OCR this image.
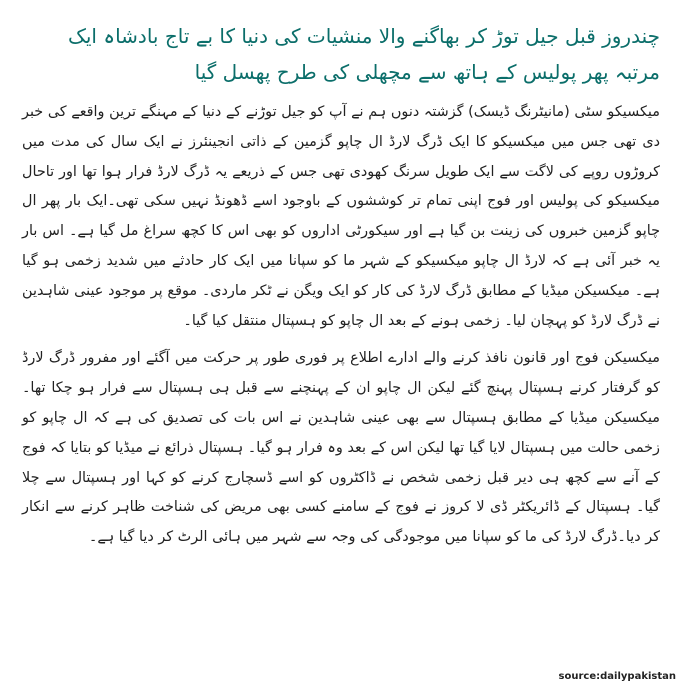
چندروز قبل جیل توڑ کر بھاگنے والا منشیات کی دنیا کا بے تاج بادشاہ ایک مرتبہ پھر پولیس کے ہاتھ سے مچھلی کی طرح پھسل گیا

میکسیکو سٹی (مانیٹرنگ ڈیسک) گزشتہ دنوں ہم نے آپ کو جیل توڑنے کے دنیا کے مہنگے ترین واقعے کی خبر دی تھی جس میں میکسیکو کا ایک ڈرگ لارڈ ال چاپو گزمین کے ذاتی انجینئرز نے ایک سال کی مدت میں کروڑوں روپے کی لاگت سے ایک طویل سرنگ کھودی تھی جس کے ذریعے یہ ڈرگ لارڈ فرار ہوا تھا اور تاحال میکسیکو کی پولیس اور فوج اپنی تمام تر کوششوں کے باوجود اسے ڈھونڈ نہیں سکی تھی۔ایک بار پھر ال چاپو گزمین خبروں کی زینت بن گیا ہے اور سیکورٹی اداروں کو بھی اس کا کچھ سراغ مل گیا ہے۔ اس بار یہ خبر آئی ہے کہ لارڈ ال چاپو میکسیکو کے شہر ما کو سپانا میں ایک کار حادثے میں شدید زخمی ہو گیا ہے۔ میکسیکن میڈیا کے مطابق ڈرگ لارڈ کی کار کو ایک ویگن نے ٹکر ماردی۔ موقع پر موجود عینی شاہدین نے ڈرگ لارڈ کو پہچان لیا۔ زخمی ہونے کے بعد ال چاپو کو ہسپتال منتقل کیا گیا۔

میکسیکن فوج اور قانون نافذ کرنے والے ادارے اطلاع پر فوری طور پر حرکت میں آگئے اور مفرور ڈرگ لارڈ کو گرفتار کرنے ہسپتال پہنچ گئے لیکن ال چاپو ان کے پہنچنے سے قبل ہی ہسپتال سے فرار ہو چکا تھا۔ میکسیکن میڈیا کے مطابق ہسپتال سے بھی عینی شاہدین نے اس بات کی تصدیق کی ہے کہ ال چاپو کو زخمی حالت میں ہسپتال لایا گیا تھا لیکن اس کے بعد وہ فرار ہو گیا۔ ہسپتال ذرائع نے میڈیا کو بتایا کہ فوج کے آنے سے کچھ ہی دیر قبل زخمی شخص نے ڈاکٹروں کو اسے ڈسچارج کرنے کو کہا اور ہسپتال سے چلا گیا۔ ہسپتال کے ڈائریکٹر ڈی لا کروز نے فوج کے سامنے کسی بھی مریض کی شناخت ظاہر کرنے سے انکار کر دیا۔ڈرگ لارڈ کی ما کو سپانا میں موجودگی کی وجہ سے شہر میں ہائی الرٹ کر دیا گیا ہے۔

source:dailypakistan
